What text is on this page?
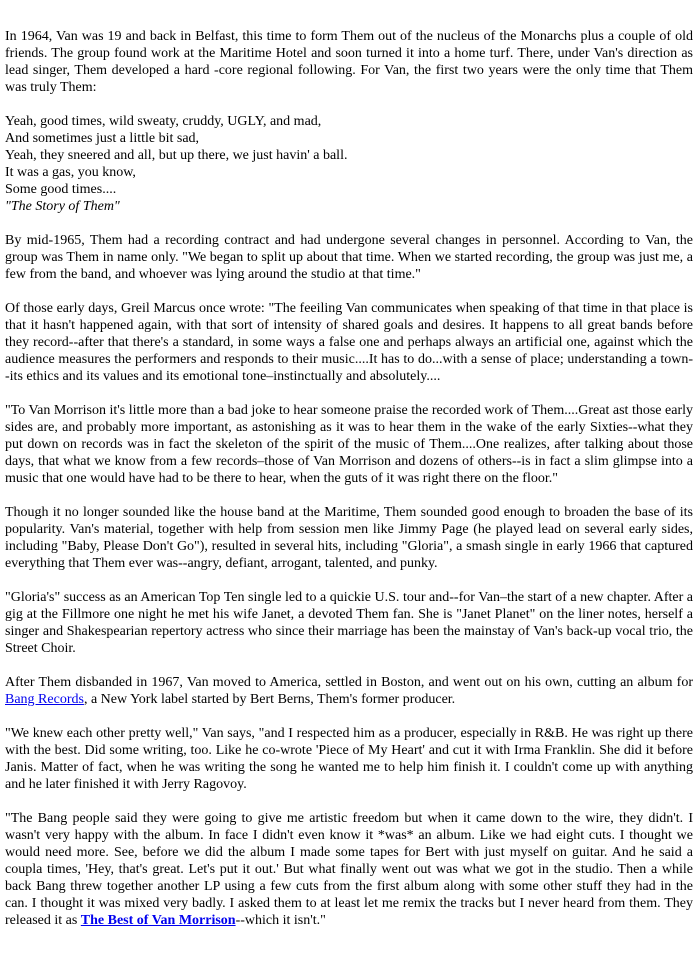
In 1964, Van was 19 and back in Belfast, this time to form Them out of the nucleus of the Monarchs plus a couple of old friends. The group found work at the Maritime Hotel and soon turned it into a home turf. There, under Van's direction as lead singer, Them developed a hard -core regional following. For Van, the first two years were the only time that Them was truly Them:

Yeah, good times, wild sweaty, cruddy, UGLY, and mad,
And sometimes just a little bit sad,
Yeah, they sneered and all, but up there, we just havin' a ball.
It was a gas, you know,
Some good times....
"The Story of Them"

By mid-1965, Them had a recording contract and had undergone several changes in personnel. According to Van, the group was Them in name only. "We began to split up about that time. When we started recording, the group was just me, a few from the band, and whoever was lying around the studio at that time."

Of those early days, Greil Marcus once wrote: "The feeiling Van communicates when speaking of that time in that place is that it hasn't happened again, with that sort of intensity of shared goals and desires. It happens to all great bands before they record--after that there's a standard, in some ways a false one and perhaps always an artificial one, against which the audience measures the performers and responds to their music....It has to do...with a sense of place; understanding a town--its ethics and its values and its emotional tone–instinctually and absolutely....

"To Van Morrison it's little more than a bad joke to hear someone praise the recorded work of Them....Great ast those early sides are, and probably more important, as astonishing as it was to hear them in the wake of the early Sixties--what they put down on records was in fact the skeleton of the spirit of the music of Them....One realizes, after talking about those days, that what we know from a few records–those of Van Morrison and dozens of others--is in fact a slim glimpse into a music that one would have had to be there to hear, when the guts of it was right there on the floor."

Though it no longer sounded like the house band at the Maritime, Them sounded good enough to broaden the base of its popularity. Van's material, together with help from session men like Jimmy Page (he played lead on several early sides, including "Baby, Please Don't Go"), resulted in several hits, including "Gloria", a smash single in early 1966 that captured everything that Them ever was--angry, defiant, arrogant, talented, and punky.

"Gloria's" success as an American Top Ten single led to a quickie U.S. tour and--for Van–the start of a new chapter. After a gig at the Fillmore one night he met his wife Janet, a devoted Them fan. She is "Janet Planet" on the liner notes, herself a singer and Shakespearian repertory actress who since their marriage has been the mainstay of Van's back-up vocal trio, the Street Choir.

After Them disbanded in 1967, Van moved to America, settled in Boston, and went out on his own, cutting an album for Bang Records, a New York label started by Bert Berns, Them's former producer.

"We knew each other pretty well," Van says, "and I respected him as a producer, especially in R&B. He was right up there with the best. Did some writing, too. Like he co-wrote 'Piece of My Heart' and cut it with Irma Franklin. She did it before Janis. Matter of fact, when he was writing the song he wanted me to help him finish it. I couldn't come up with anything and he later finished it with Jerry Ragovoy.

"The Bang people said they were going to give me artistic freedom but when it came down to the wire, they didn't. I wasn't very happy with the album. In face I didn't even know it *was* an album. Like we had eight cuts. I thought we would need more. See, before we did the album I made some tapes for Bert with just myself on guitar. And he said a coupla times, 'Hey, that's great. Let's put it out.' But what finally went out was what we got in the studio. Then a while back Bang threw together another LP using a few cuts from the first album along with some other stuff they had in the can. I thought it was mixed very badly. I asked them to at least let me remix the tracks but I never heard from them. They released it as The Best of Van Morrison--which it isn't."
